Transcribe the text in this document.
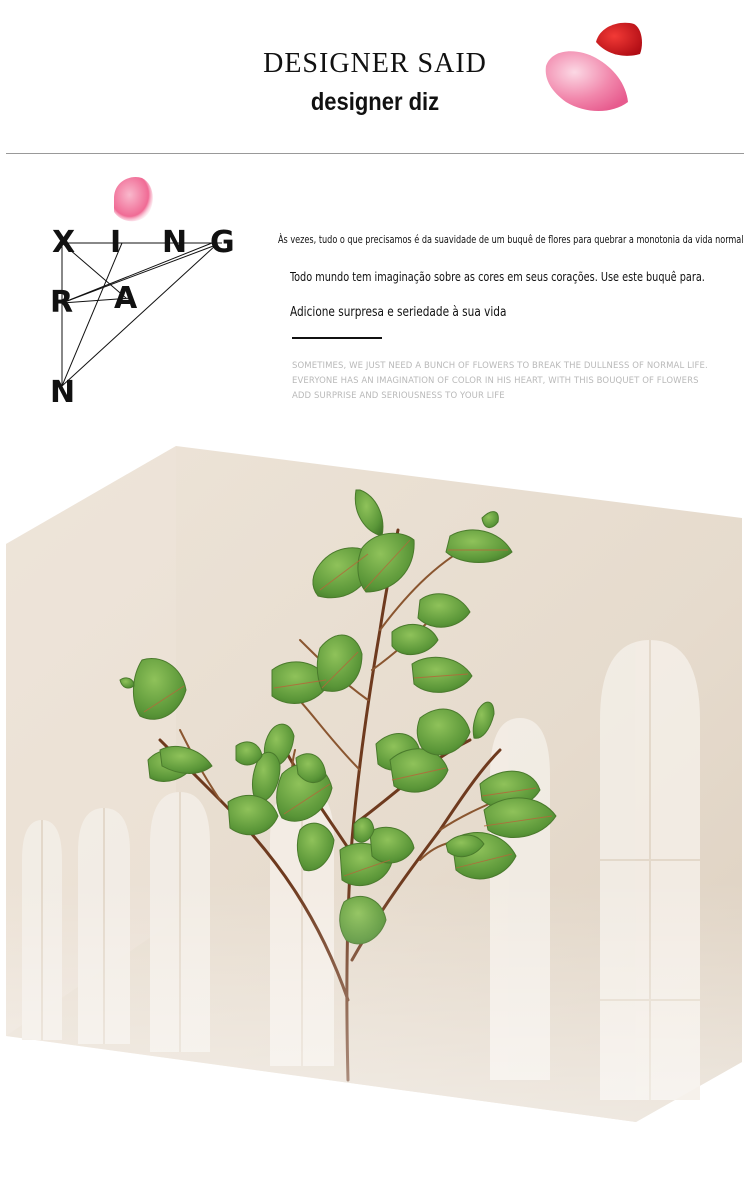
DESIGNER SAID
designer diz
X I N G
R A
N
Às vezes, tudo o que precisamos é da suavidade de um buquê de flores para quebrar a monotonia da vida normal
Todo mundo tem imaginação sobre as cores em seus corações. Use este buquê para.
Adicione surpresa e seriedade à sua vida
SOMETIMES, WE JUST NEED A BUNCH OF FLOWERS TO BREAK THE DULLNESS OF NORMAL LIFE.
EVERYONE HAS AN IMAGINATION OF COLOR IN HIS HEART, WITH THIS BOUQUET OF FLOWERS
ADD SURPRISE AND SERIOUSNESS TO YOUR LIFE
